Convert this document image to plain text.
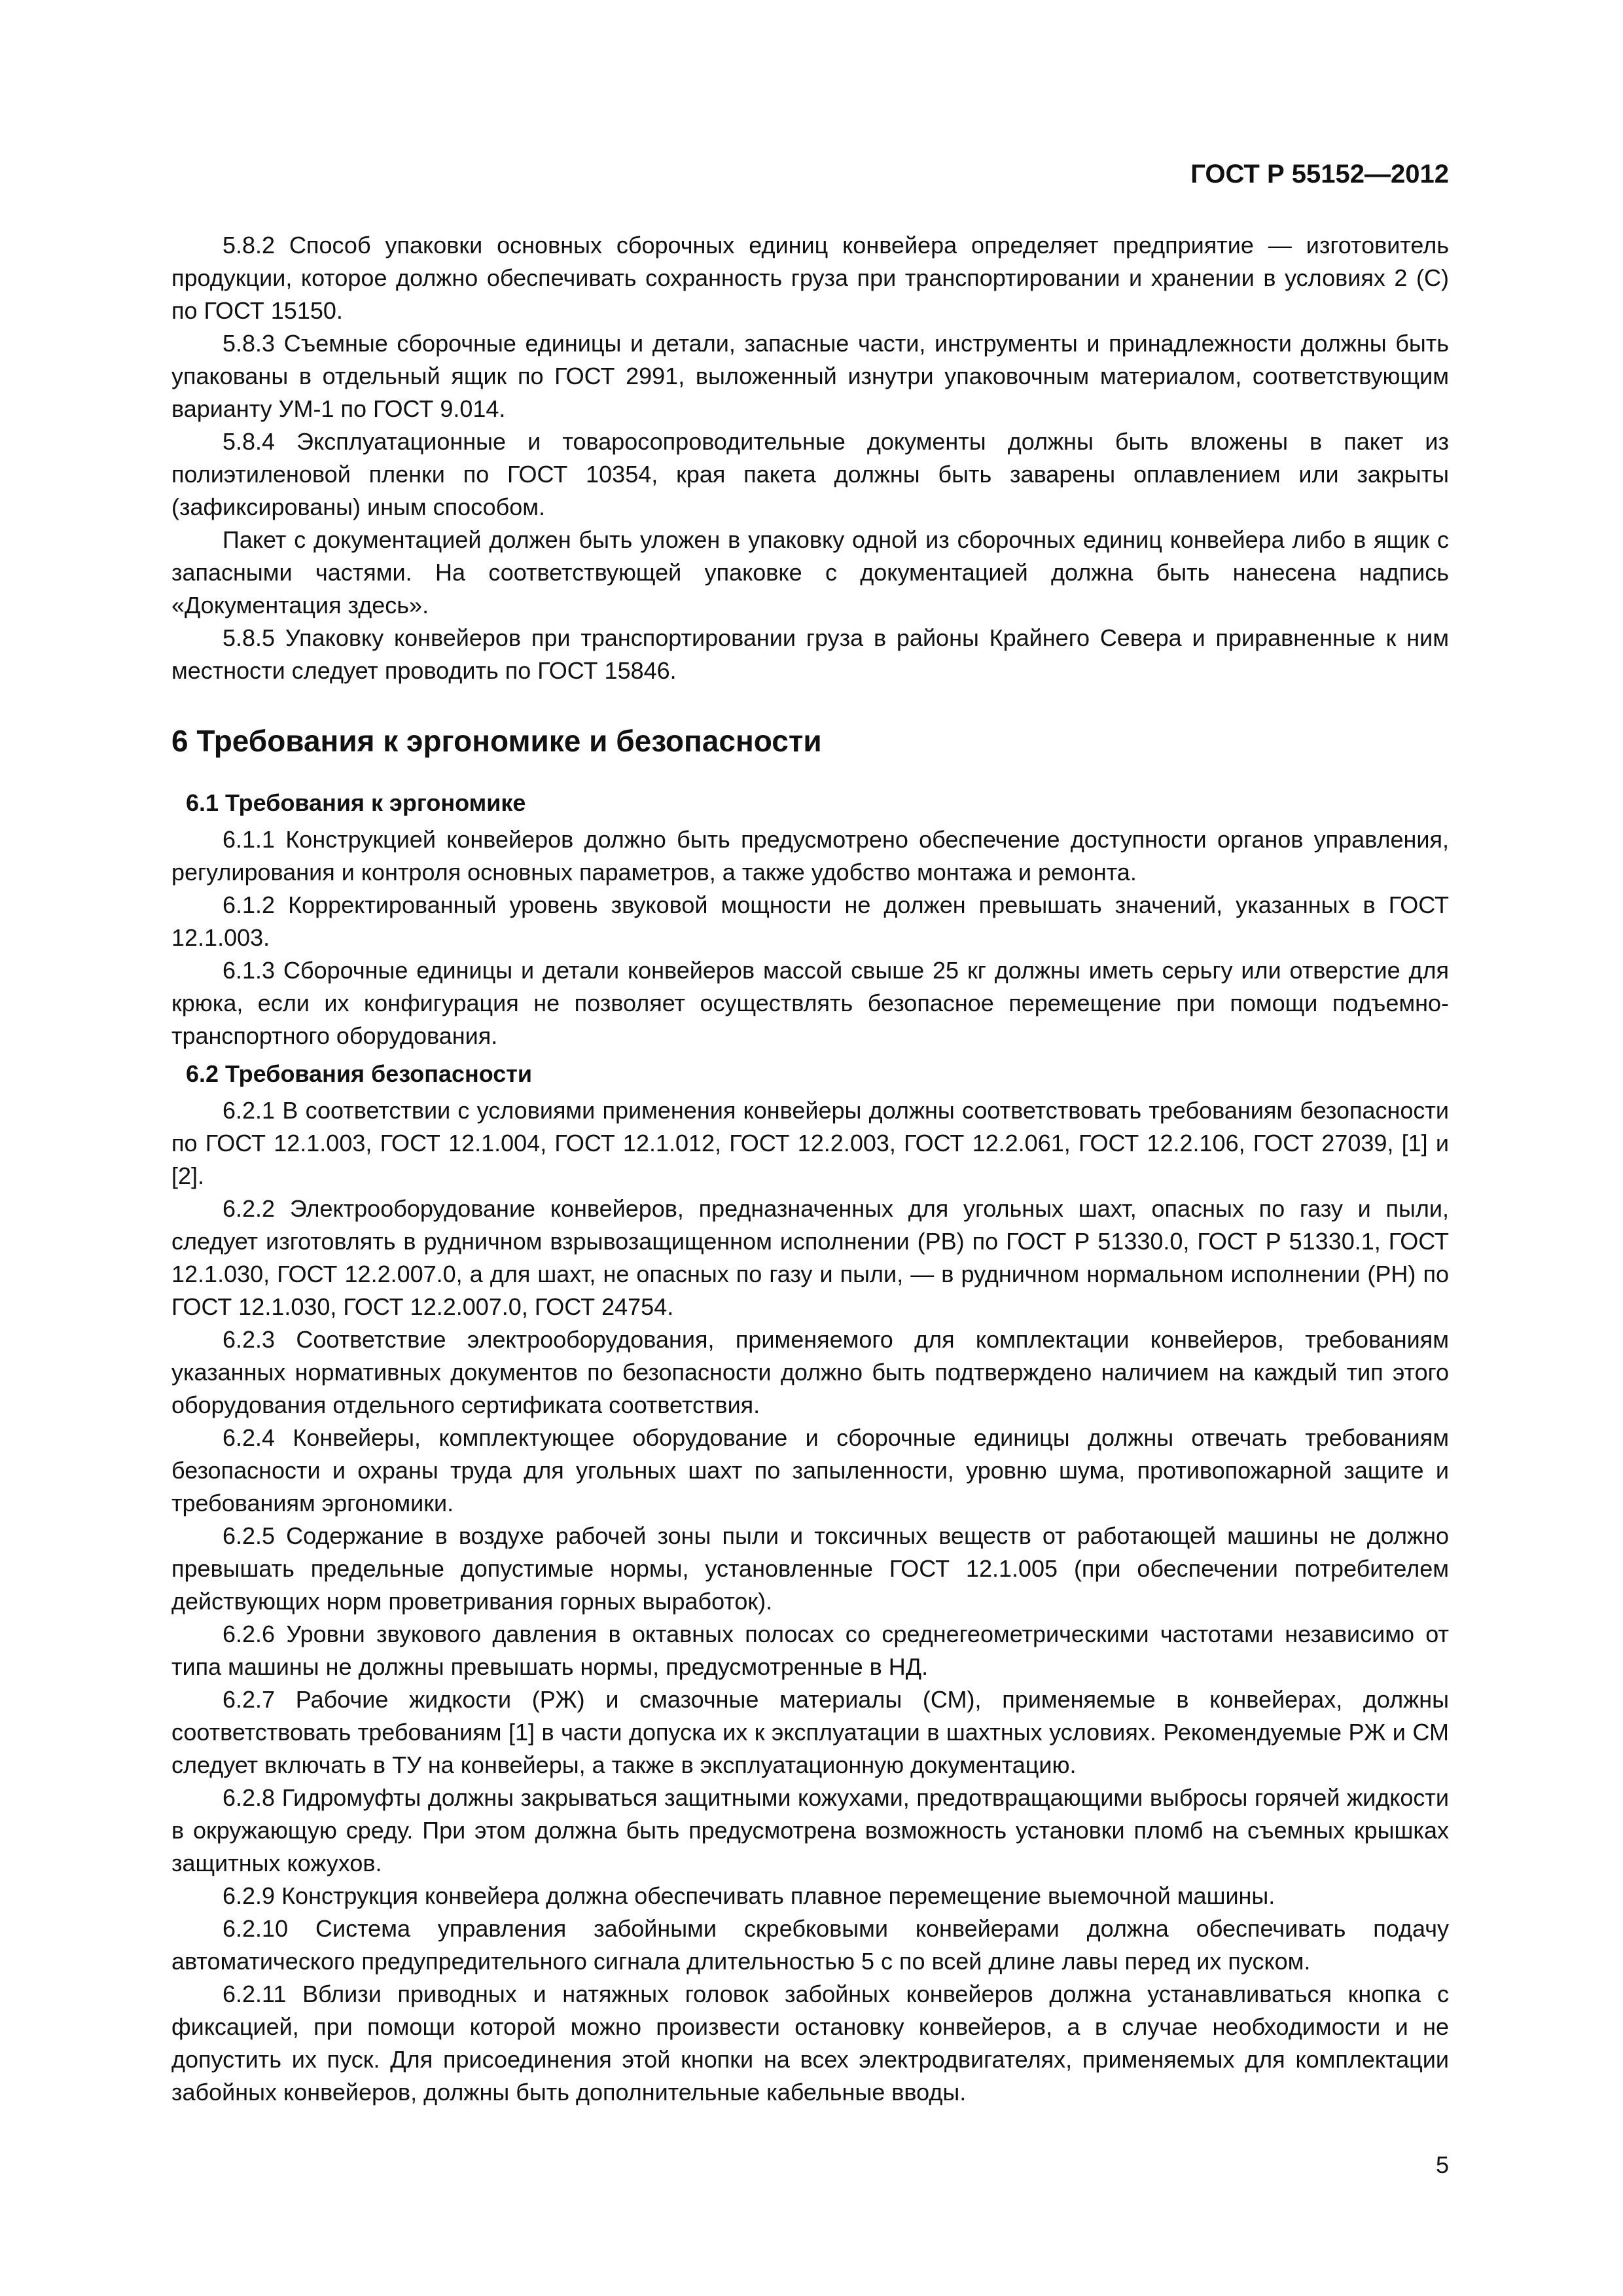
ГОСТ Р 55152—2012

5.8.2 Способ упаковки основных сборочных единиц конвейера определяет предприятие — изготовитель продукции, которое должно обеспечивать сохранность груза при транспортировании и хранении в условиях 2 (С) по ГОСТ 15150.

5.8.3 Съемные сборочные единицы и детали, запасные части, инструменты и принадлежности должны быть упакованы в отдельный ящик по ГОСТ 2991, выложенный изнутри упаковочным материалом, соответствующим варианту УМ-1 по ГОСТ 9.014.

5.8.4 Эксплуатационные и товаросопроводительные документы должны быть вложены в пакет из полиэтиленовой пленки по ГОСТ 10354, края пакета должны быть заварены оплавлением или закрыты (зафиксированы) иным способом.

Пакет с документацией должен быть уложен в упаковку одной из сборочных единиц конвейера либо в ящик с запасными частями. На соответствующей упаковке с документацией должна быть нанесена надпись «Документация здесь».

5.8.5 Упаковку конвейеров при транспортировании груза в районы Крайнего Севера и приравненные к ним местности следует проводить по ГОСТ 15846.

6 Требования к эргономике и безопасности
6.1 Требования к эргономике

6.1.1 Конструкцией конвейеров должно быть предусмотрено обеспечение доступности органов управления, регулирования и контроля основных параметров, а также удобство монтажа и ремонта.

6.1.2 Корректированный уровень звуковой мощности не должен превышать значений, указанных в ГОСТ 12.1.003.

6.1.3 Сборочные единицы и детали конвейеров массой свыше 25 кг должны иметь серьгу или отверстие для крюка, если их конфигурация не позволяет осуществлять безопасное перемещение при помощи подъемно-транспортного оборудования.

6.2 Требования безопасности

6.2.1 В соответствии с условиями применения конвейеры должны соответствовать требованиям безопасности по ГОСТ 12.1.003, ГОСТ 12.1.004, ГОСТ 12.1.012, ГОСТ 12.2.003, ГОСТ 12.2.061, ГОСТ 12.2.106, ГОСТ 27039, [1] и [2].

6.2.2 Электрооборудование конвейеров, предназначенных для угольных шахт, опасных по газу и пыли, следует изготовлять в рудничном взрывозащищенном исполнении (PB) по ГОСТ Р 51330.0, ГОСТ Р 51330.1, ГОСТ 12.1.030, ГОСТ 12.2.007.0, а для шахт, не опасных по газу и пыли, — в рудничном нормальном исполнении (PH) по ГОСТ 12.1.030, ГОСТ 12.2.007.0, ГОСТ 24754.

6.2.3 Соответствие электрооборудования, применяемого для комплектации конвейеров, требованиям указанных нормативных документов по безопасности должно быть подтверждено наличием на каждый тип этого оборудования отдельного сертификата соответствия.

6.2.4 Конвейеры, комплектующее оборудование и сборочные единицы должны отвечать требованиям безопасности и охраны труда для угольных шахт по запыленности, уровню шума, противопожарной защите и требованиям эргономики.

6.2.5 Содержание в воздухе рабочей зоны пыли и токсичных веществ от работающей машины не должно превышать предельные допустимые нормы, установленные ГОСТ 12.1.005 (при обеспечении потребителем действующих норм проветривания горных выработок).

6.2.6 Уровни звукового давления в октавных полосах со среднегеометрическими частотами независимо от типа машины не должны превышать нормы, предусмотренные в НД.

6.2.7 Рабочие жидкости (РЖ) и смазочные материалы (СМ), применяемые в конвейерах, должны соответствовать требованиям [1] в части допуска их к эксплуатации в шахтных условиях. Рекомендуемые РЖ и СМ следует включать в ТУ на конвейеры, а также в эксплуатационную документацию.

6.2.8 Гидромуфты должны закрываться защитными кожухами, предотвращающими выбросы горячей жидкости в окружающую среду. При этом должна быть предусмотрена возможность установки пломб на съемных крышках защитных кожухов.

6.2.9 Конструкция конвейера должна обеспечивать плавное перемещение выемочной машины.

6.2.10 Система управления забойными скребковыми конвейерами должна обеспечивать подачу автоматического предупредительного сигнала длительностью 5 с по всей длине лавы перед их пуском.

6.2.11 Вблизи приводных и натяжных головок забойных конвейеров должна устанавливаться кнопка с фиксацией, при помощи которой можно произвести остановку конвейеров, а в случае необходимости и не допустить их пуск. Для присоединения этой кнопки на всех электродвигателях, применяемых для комплектации забойных конвейеров, должны быть дополнительные кабельные вводы.

5
